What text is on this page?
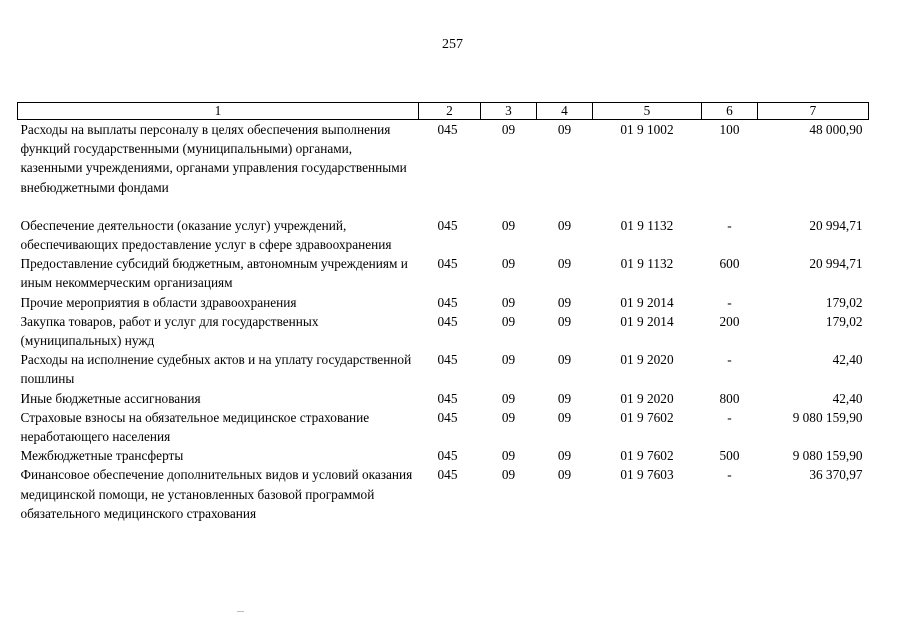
257
1	2	3	4	5	6	7
Расходы на выплаты персоналу в целях обеспечения выполнения функций государственными (муниципальными) органами, казенными учреждениями, органами управления государственными внебюджетными фондами	045	09	09	01 9 1002	100	48 000,90
Обеспечение деятельности (оказание услуг) учреждений, обеспечивающих предоставление услуг в сфере здравоохранения	045	09	09	01 9 1132	-	20 994,71
Предоставление субсидий бюджетным, автономным учреждениям и иным некоммерческим организациям	045	09	09	01 9 1132	600	20 994,71
Прочие мероприятия в области здравоохранения	045	09	09	01 9 2014	-	179,02
Закупка товаров, работ и услуг для государственных (муниципальных) нужд	045	09	09	01 9 2014	200	179,02
Расходы на исполнение судебных актов и на уплату государственной пошлины	045	09	09	01 9 2020	-	42,40
Иные бюджетные ассигнования	045	09	09	01 9 2020	800	42,40
Страховые взносы на обязательное медицинское страхование неработающего населения	045	09	09	01 9 7602	-	9 080 159,90
Межбюджетные трансферты	045	09	09	01 9 7602	500	9 080 159,90
Финансовое обеспечение дополнительных видов и условий оказания медицинской помощи, не установленных базовой программой обязательного медицинского страхования	045	09	09	01 9 7603	-	36 370,97
